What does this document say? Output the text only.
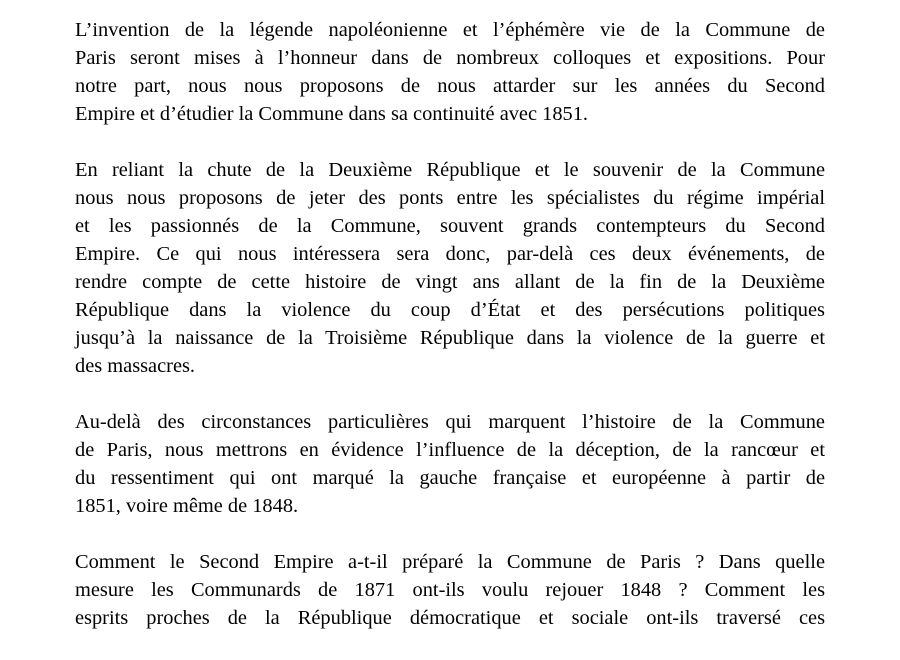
L’invention de la légende napoléonienne et l’éphémère vie de la Commune de
Paris seront mises à l’honneur dans de nombreux colloques et expositions. Pour
notre part, nous nous proposons de nous attarder sur les années du Second
Empire et d’étudier la Commune dans sa continuité avec 1851.

En reliant la chute de la Deuxième République et le souvenir de la Commune
nous nous proposons de jeter des ponts entre les spécialistes du régime impérial
et les passionnés de la Commune, souvent grands contempteurs du Second
Empire. Ce qui nous intéressera sera donc, par-delà ces deux événements, de
rendre compte de cette histoire de vingt ans allant de la fin de la Deuxième
République dans la violence du coup d’État et des persécutions politiques
jusqu’à la naissance de la Troisième République dans la violence de la guerre et
des massacres.

Au-delà des circonstances particulières qui marquent l’histoire de la Commune
de Paris, nous mettrons en évidence l’influence de la déception, de la rancœur et
du ressentiment qui ont marqué la gauche française et européenne à partir de
1851, voire même de 1848.

Comment le Second Empire a-t-il préparé la Commune de Paris ? Dans quelle
mesure les Communards de 1871 ont-ils voulu rejouer 1848 ? Comment les
esprits proches de la République démocratique et sociale ont-ils traversé ces
